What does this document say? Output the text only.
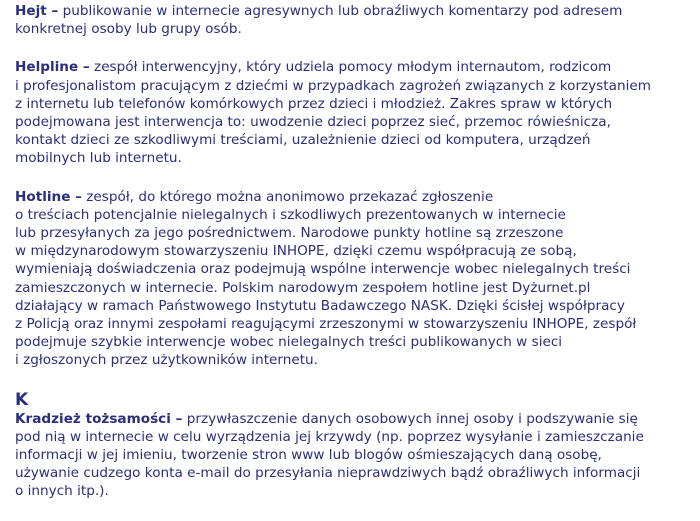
Hejt – publikowanie w internecie agresywnych lub obraźliwych komentarzy pod adresem
konkretnej osoby lub grupy osób.
Helpline – zespół interwencyjny, który udziela pomocy młodym internautom, rodzicom
i profesjonalistom pracującym z dziećmi w przypadkach zagrożeń związanych z korzystaniem
z internetu lub telefonów komórkowych przez dzieci i młodzież. Zakres spraw w których
podejmowana jest interwencja to: uwodzenie dzieci poprzez sieć, przemoc rówieśnicza,
kontakt dzieci ze szkodliwymi treściami, uzależnienie dzieci od komputera, urządzeń
mobilnych lub internetu.
Hotline – zespół, do którego można anonimowo przekazać zgłoszenie
o treściach potencjalnie nielegalnych i szkodliwych prezentowanych w internecie
lub przesyłanych za jego pośrednictwem. Narodowe punkty hotline są zrzeszone
w międzynarodowym stowarzyszeniu INHOPE, dzięki czemu współpracują ze sobą,
wymieniają doświadczenia oraz podejmują wspólne interwencje wobec nielegalnych treści
zamieszczonych w internecie. Polskim narodowym zespołem hotline jest Dyżurnet.pl
działający w ramach Państwowego Instytutu Badawczego NASK. Dzięki ścisłej współpracy
z Policją oraz innymi zespołami reagującymi zrzeszonymi w stowarzyszeniu INHOPE, zespół
podejmuje szybkie interwencje wobec nielegalnych treści publikowanych w sieci
i zgłoszonych przez użytkowników internetu.
K
Kradzież tożsamości – przywłaszczenie danych osobowych innej osoby i podszywanie się
pod nią w internecie w celu wyrządzenia jej krzywdy (np. poprzez wysyłanie i zamieszczanie
informacji w jej imieniu, tworzenie stron www lub blogów ośmieszających daną osobę,
używanie cudzego konta e-mail do przesyłania nieprawdziwych bądź obraźliwych informacji
o innych itp.).
